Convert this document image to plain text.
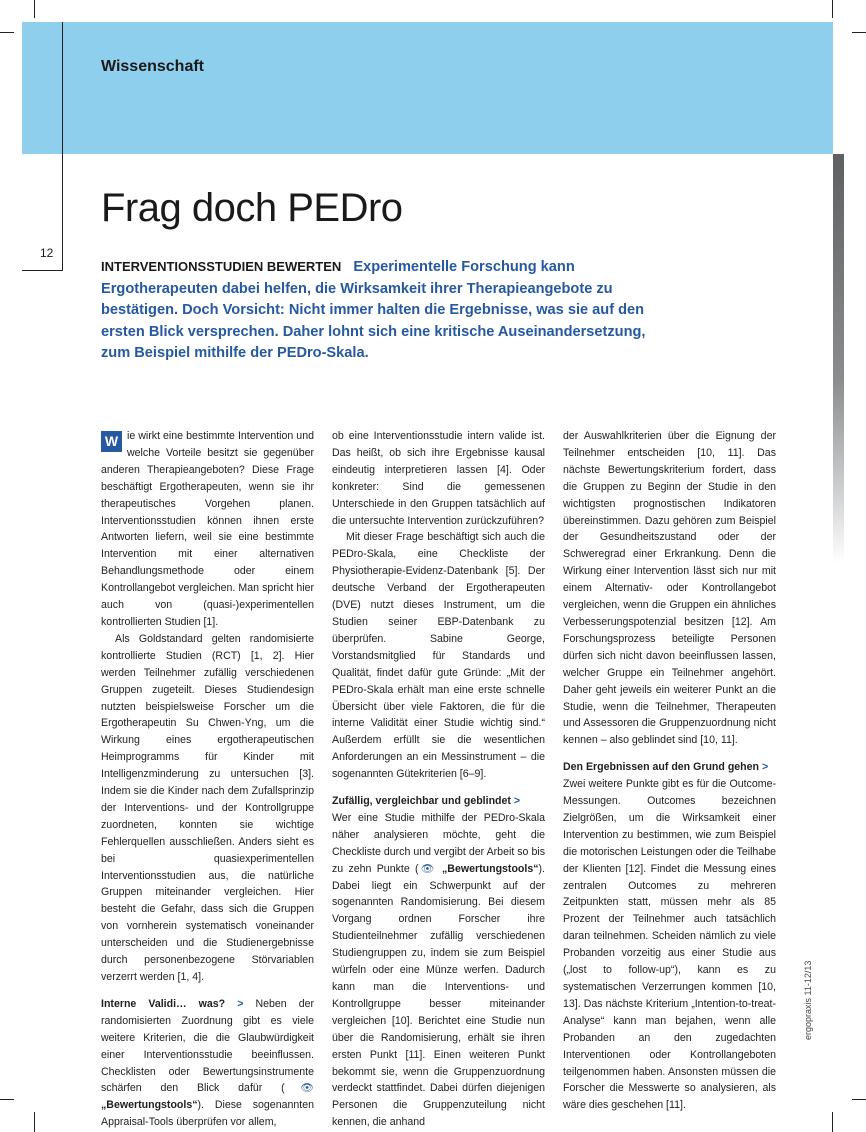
Wissenschaft
12
Frag doch PEDro
INTERVENTIONSSTUDIEN BEWERTEN Experimentelle Forschung kann Ergotherapeuten dabei helfen, die Wirksamkeit ihrer Therapieangebote zu bestätigen. Doch Vorsicht: Nicht immer halten die Ergebnisse, was sie auf den ersten Blick versprechen. Daher lohnt sich eine kritische Auseinandersetzung, zum Beispiel mithilfe der PEDro-Skala.

W ie wirkt eine bestimmte Intervention und welche Vorteile besitzt sie gegenüber anderen Therapieangeboten? Diese Frage beschäftigt Ergotherapeuten, wenn sie ihr therapeutisches Vorgehen planen. Interventionsstudien können ihnen erste Antworten liefern, weil sie eine bestimmte Intervention mit einer alternativen Behandlungsmethode oder einem Kontrollangebot vergleichen. Man spricht hier auch von (quasi-)experimentellen kontrollierten Studien [1].

Als Goldstandard gelten randomisierte kontrollierte Studien (RCT) [1, 2]. Hier werden Teilnehmer zufällig verschiedenen Gruppen zugeteilt. Dieses Studiendesign nutzten beispielsweise Forscher um die Ergotherapeutin Su Chwen-Yng, um die Wirkung eines ergotherapeutischen Heimprogramms für Kinder mit Intelligenzminderung zu untersuchen [3]. Indem sie die Kinder nach dem Zufallsprinzip der Interventions- und der Kontrollgruppe zuordneten, konnten sie wichtige Fehlerquellen ausschließen. Anders sieht es bei quasiexperimentellen Interventionsstudien aus, die natürliche Gruppen miteinander vergleichen. Hier besteht die Gefahr, dass sich die Gruppen von vornherein systematisch voneinander unterscheiden und die Studienergebnisse durch personenbezogene Störvariablen verzerrt werden [1, 4].

Interne Validi… was? > Neben der randomisierten Zuordnung gibt es viele weitere Kriterien, die die Glaubwürdigkeit einer Interventionsstudie beeinflussen. Checklisten oder Bewertungsinstrumente schärfen den Blick dafür (👁 „Bewertungstools“). Diese sogenannten Appraisal-Tools überprüfen vor allem,

ob eine Interventionsstudie intern valide ist. Das heißt, ob sich ihre Ergebnisse kausal eindeutig interpretieren lassen [4]. Oder konkreter: Sind die gemessenen Unterschiede in den Gruppen tatsächlich auf die untersuchte Intervention zurückzuführen?

Mit dieser Frage beschäftigt sich auch die PEDro-Skala, eine Checkliste der Physiotherapie-Evidenz-Datenbank [5]. Der deutsche Verband der Ergotherapeuten (DVE) nutzt dieses Instrument, um die Studien seiner EBP-Datenbank zu überprüfen. Sabine George, Vorstandsmitglied für Standards und Qualität, findet dafür gute Gründe: „Mit der PEDro-Skala erhält man eine erste schnelle Übersicht über viele Faktoren, die für die interne Validität einer Studie wichtig sind.“ Außerdem erfüllt sie die wesentlichen Anforderungen an ein Messinstrument – die sogenannten Gütekriterien [6–9].

Zufällig, vergleichbar und geblindet >

Wer eine Studie mithilfe der PEDro-Skala näher analysieren möchte, geht die Checkliste durch und vergibt der Arbeit so bis zu zehn Punkte (👁 „Bewertungstools“). Dabei liegt ein Schwerpunkt auf der sogenannten Randomisierung. Bei diesem Vorgang ordnen Forscher ihre Studienteilnehmer zufällig verschiedenen Studiengruppen zu, indem sie zum Beispiel würfeln oder eine Münze werfen. Dadurch kann man die Interventions- und Kontrollgruppe besser miteinander vergleichen [10]. Berichtet eine Studie nun über die Randomisierung, erhält sie ihren ersten Punkt [11]. Einen weiteren Punkt bekommt sie, wenn die Gruppenzuordnung verdeckt stattfindet. Dabei dürfen diejenigen Personen die Gruppenzuteilung nicht kennen, die anhand

der Auswahlkriterien über die Eignung der Teilnehmer entscheiden [10, 11]. Das nächste Bewertungskriterium fordert, dass die Gruppen zu Beginn der Studie in den wichtigsten prognostischen Indikatoren übereinstimmen. Dazu gehören zum Beispiel der Gesundheitszustand oder der Schweregrad einer Erkrankung. Denn die Wirkung einer Intervention lässt sich nur mit einem Alternativ- oder Kontrollangebot vergleichen, wenn die Gruppen ein ähnliches Verbesserungspotenzial besitzen [12]. Am Forschungsprozess beteiligte Personen dürfen sich nicht davon beeinflussen lassen, welcher Gruppe ein Teilnehmer angehört. Daher geht jeweils ein weiterer Punkt an die Studie, wenn die Teilnehmer, Therapeuten und Assessoren die Gruppenzuordnung nicht kennen – also geblindet sind [10, 11].

Den Ergebnissen auf den Grund gehen >

Zwei weitere Punkte gibt es für die Outcome-Messungen. Outcomes bezeichnen Zielgrößen, um die Wirksamkeit einer Intervention zu bestimmen, wie zum Beispiel die motorischen Leistungen oder die Teilhabe der Klienten [12]. Findet die Messung eines zentralen Outcomes zu mehreren Zeitpunkten statt, müssen mehr als 85 Prozent der Teilnehmer auch tatsächlich daran teilnehmen. Scheiden nämlich zu viele Probanden vorzeitig aus einer Studie aus („lost to follow-up“), kann es zu systematischen Verzerrungen kommen [10, 13]. Das nächste Kriterium „Intention-to-treat-Analyse“ kann man bejahen, wenn alle Probanden an den zugedachten Interventionen oder Kontrollangeboten teilgenommen haben. Ansonsten müssen die Forscher die Messwerte so analysieren, als wäre dies geschehen [11].

ergopraxis 11-12/13
